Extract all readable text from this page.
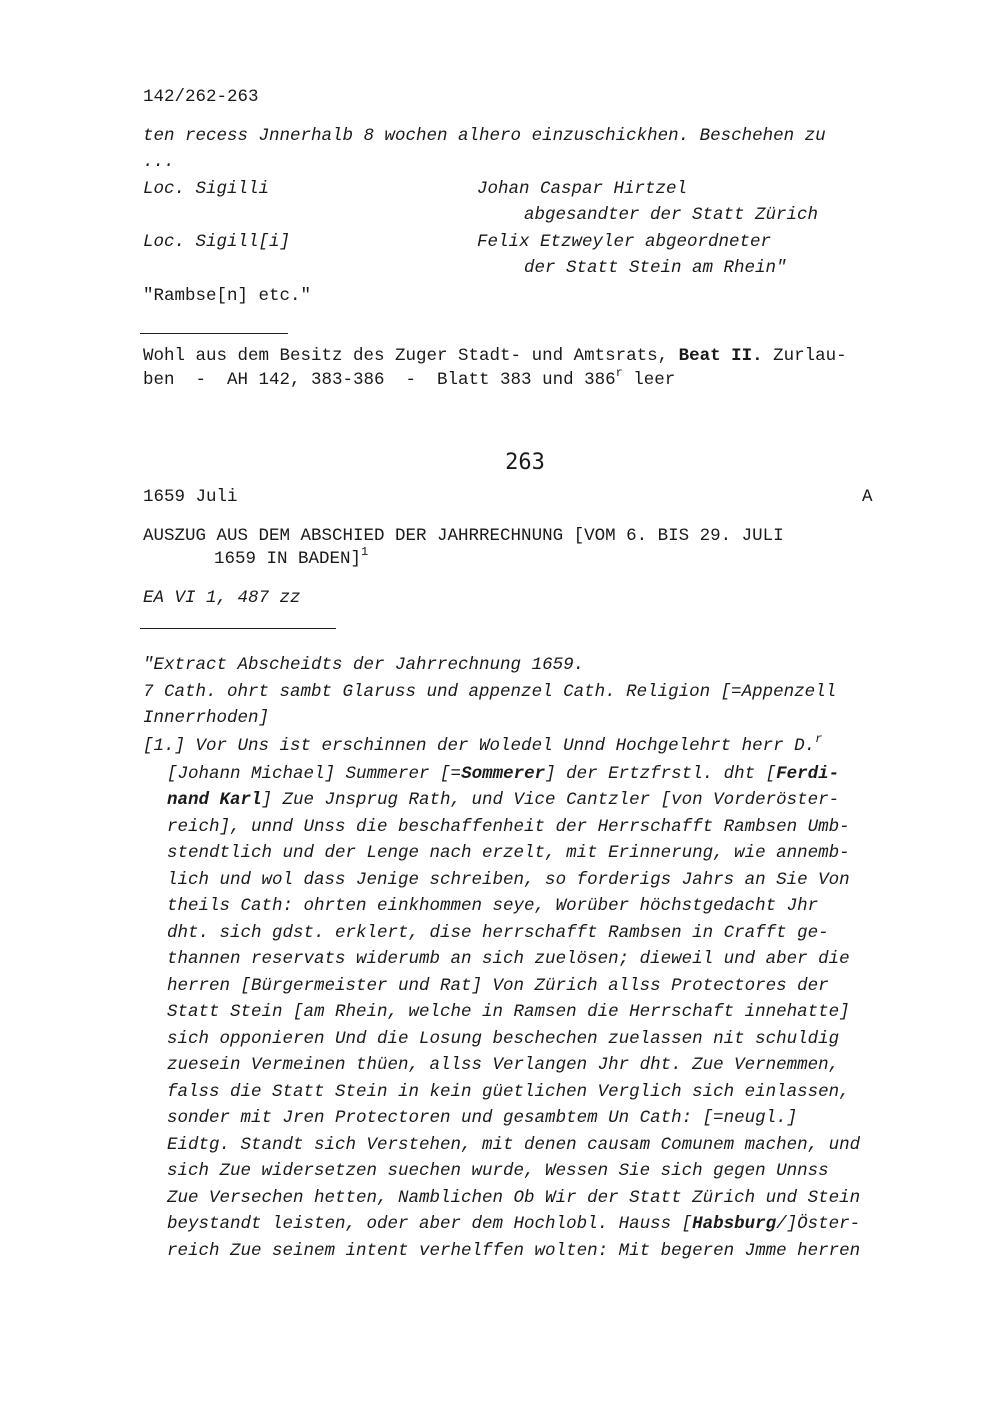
142/262-263
ten recess Jnnerhalb 8 wochen alhero einzuschickhen. Beschehen zu
...
Loc. Sigilli	Johan Caspar Hirtzel
abgesandter der Statt Zürich
Loc. Sigill[i]	Felix Etzweyler abgeordneter
der Statt Stein am Rhein"
"Rambse[n] etc."
Wohl aus dem Besitz des Zuger Stadt- und Amtsrats, Beat II. Zurlau-
ben  -  AH 142, 383-386  -  Blatt 383 und 386$^r$ leer
263
1659 Juli	A
AUSZUG AUS DEM ABSCHIED DER JAHRRECHNUNG [VOM 6. BIS 29. JULI
1659 IN BADEN]$^1$
EA VI 1, 487 zz
"Extract Abscheidts der Jahrrechnung 1659.
7 Cath. ohrt sambt Glaruss und appenzel Cath. Religion [=Appenzell
Innerrhoden]
[1.] Vor Uns ist erschinnen der Woledel Unnd Hochgelehrt herr D.$^r$
[Johann Michael] Summerer [=Sommerer] der Ertzfrstl. dht [Ferdi-
nand Karl] Zue Jnsprug Rath, und Vice Cantzler [von Vorderöster-
reich], unnd Unss die beschaffenheit der Herrschafft Rambsen Umb-
stendtlich und der Lenge nach erzelt, mit Erinnerung, wie annemb-
lich und wol dass Jenige schreiben, so forderigs Jahrs an Sie Von
theils Cath: ohrten einkhommen seye, Worüber höchstgedacht Jhr
dht. sich gdst. erklert, dise herrschafft Rambsen in Crafft ge-
thannen reservats widerumb an sich zuelösen; dieweil und aber die
herren [Bürgermeister und Rat] Von Zürich allss Protectores der
Statt Stein [am Rhein, welche in Ramsen die Herrschaft innehatte]
sich opponieren Und die Losung beschechen zuelassen nit schuldig
zuesein Vermeinen thüen, allss Verlangen Jhr dht. Zue Vernemmen,
falss die Statt Stein in kein güetlichen Verglich sich einlassen,
sonder mit Jren Protectoren und gesambtem Un Cath: [=neugl.]
Eidtg. Standt sich Verstehen, mit denen causam Comunem machen, und
sich Zue widersetzen suechen wurde, Wessen Sie sich gegen Unnss
Zue Versechen hetten, Namblichen Ob Wir der Statt Zürich und Stein
beystandt leisten, oder aber dem Hochlobl. Hauss [Habsburg/]Öster-
reich Zue seinem intent verhelffen wolten: Mit begeren Jmme herren
